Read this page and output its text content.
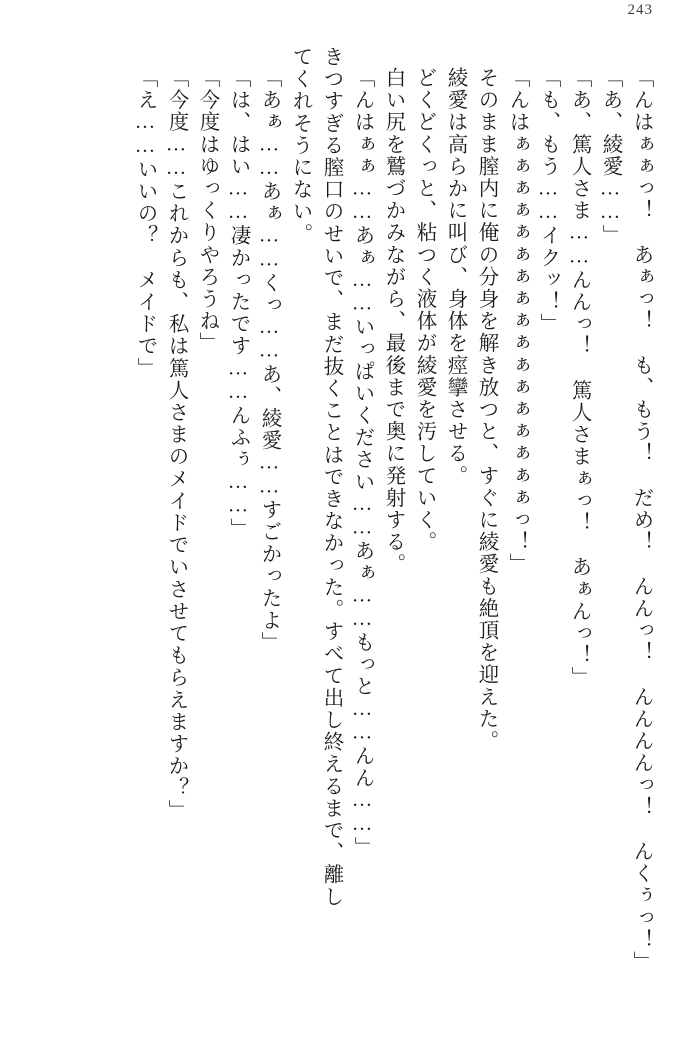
243
「んはぁぁっ！　あぁっ！　も、もう！　だめ！　んんっ！　んんんんっ！　んくぅっ！」
「あ、綾愛……」
「あ、篤人さま……んんっ！　篤人さまぁっ！　あぁんっ！」
「も、もう……イクッ！」
「んはぁぁぁぁぁぁぁぁぁぁぁぁぁぁぁぁぁっ！」
そのまま膣内に俺の分身を解き放つと、すぐに綾愛も絶頂を迎えた。
綾愛は高らかに叫び、身体を痙攣させる。
どくどくっと、粘つく液体が綾愛を汚していく。
白い尻を鷲づかみながら、最後まで奥に発射する。
「んはぁぁ……あぁ……いっぱいください……あぁ……もっと……んん……」
きつすぎる膣口のせいで、まだ抜くことはできなかった。すべて出し終えるまで、離し
てくれそうにない。
「あぁ……あぁ……くっ……あ、綾愛……すごかったよ」
「は、はい……凄かったです……んふぅ……」
「今度はゆっくりやろうね」
「今度……これからも、私は篤人さまのメイドでいさせてもらえますか？」
「え……いいの？　メイドで」
